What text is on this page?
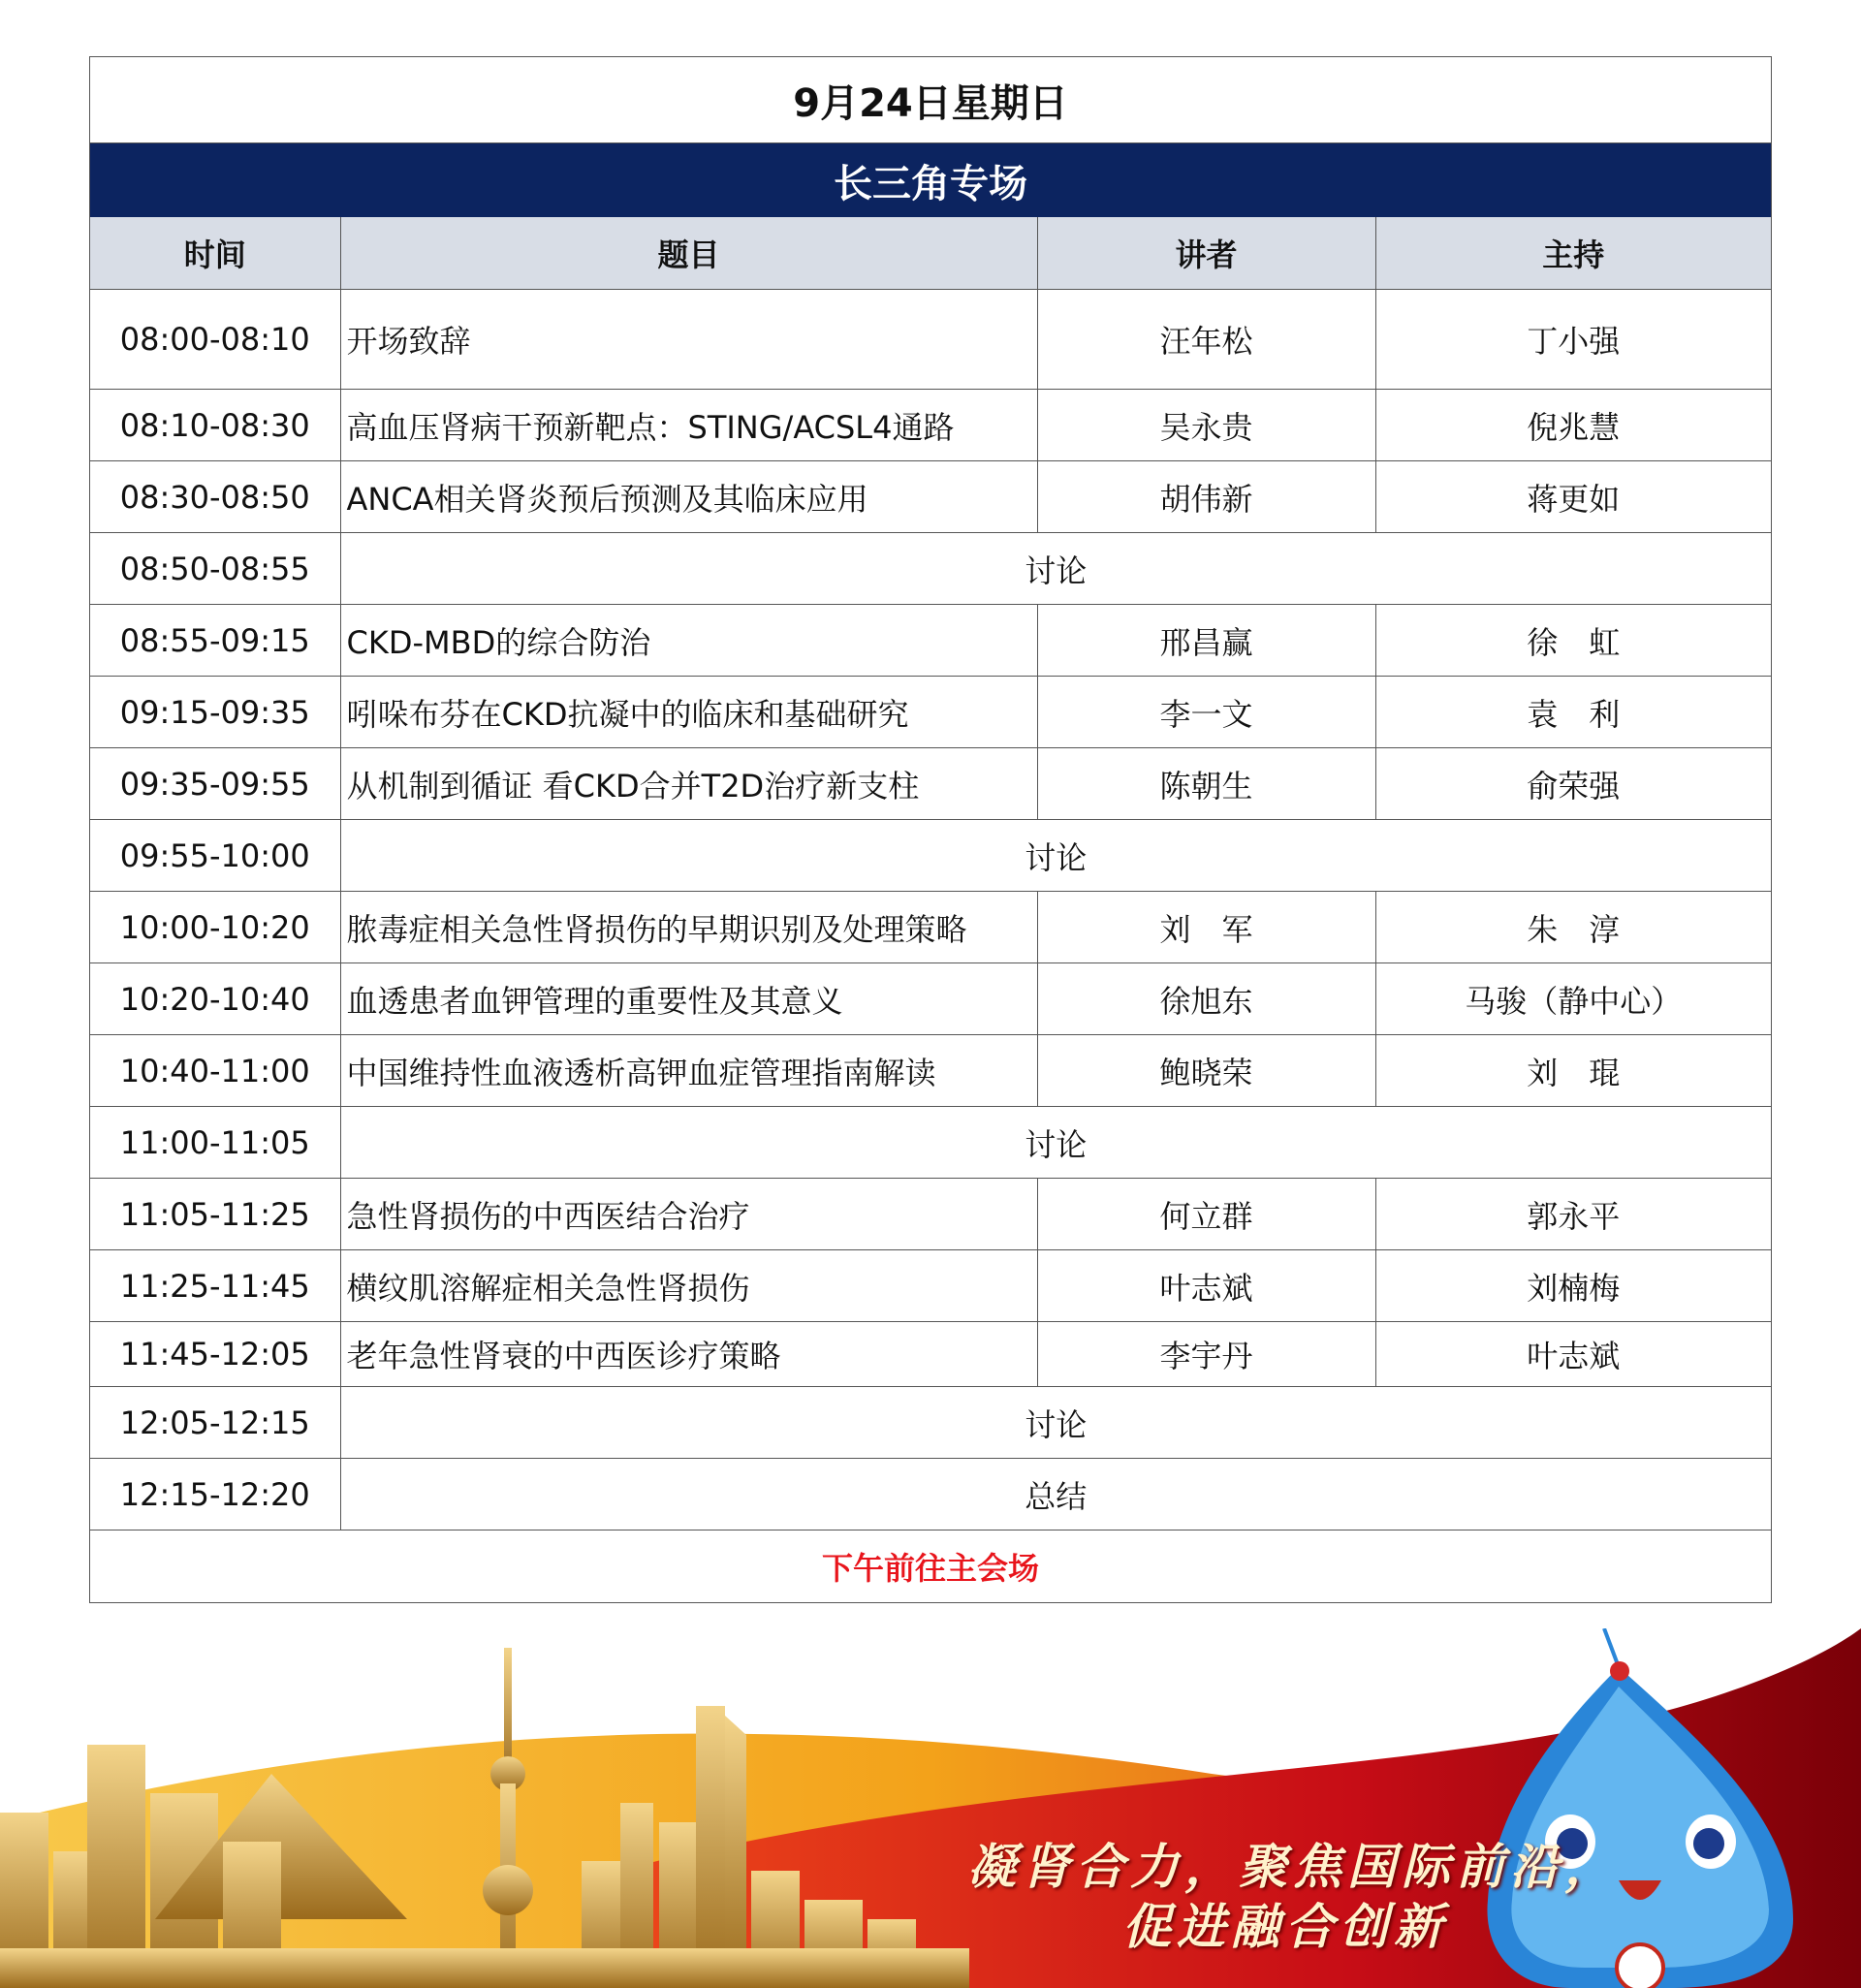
9月24日星期日
长三角专场
时间	题目	讲者	主持
08:00-08:10	开场致辞	汪年松	丁小强
08:10-08:30	高血压肾病干预新靶点：STING/ACSL4通路	吴永贵	倪兆慧
08:30-08:50	ANCA相关肾炎预后预测及其临床应用	胡伟新	蒋更如
08:50-08:55	讨论		
08:55-09:15	CKD-MBD的综合防治	邢昌赢	徐　虹
09:15-09:35	吲哚布芬在CKD抗凝中的临床和基础研究	李一文	袁　利
09:35-09:55	从机制到循证 看CKD合并T2D治疗新支柱	陈朝生	俞荣强
09:55-10:00	讨论		
10:00-10:20	脓毒症相关急性肾损伤的早期识别及处理策略	刘　军	朱　淳
10:20-10:40	血透患者血钾管理的重要性及其意义	徐旭东	马骏（静中心）
10:40-11:00	中国维持性血液透析高钾血症管理指南解读	鲍晓荣	刘　琨
11:00-11:05	讨论		
11:05-11:25	急性肾损伤的中西医结合治疗	何立群	郭永平
11:25-11:45	横纹肌溶解症相关急性肾损伤	叶志斌	刘楠梅
11:45-12:05	老年急性肾衰的中西医诊疗策略	李宇丹	叶志斌
12:05-12:15	讨论		
12:15-12:20	总结		
下午前往主会场
凝肾合力，聚焦国际前沿，
促进融合创新
